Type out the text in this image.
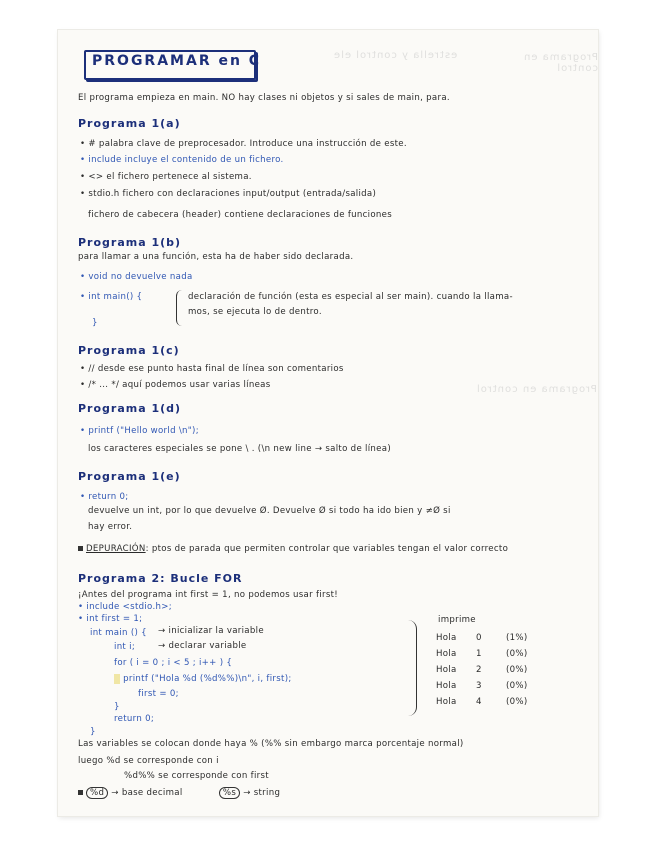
estrella y control ele	Programa en control
Programa en control
PROGRAMAR en C
El programa empieza en main. NO hay clases ni objetos y si sales de main, para.
Programa 1(a)
• # palabra clave de preprocesador. Introduce una instrucción de este.
• include incluye el contenido de un fichero.
• <> el fichero pertenece al sistema.
• stdio.h fichero con declaraciones input/output (entrada/salida)
fichero de cabecera (header) contiene declaraciones de funciones
Programa 1(b)
para llamar a una función, esta ha de haber sido declarada.
• void no devuelve nada
• int main() {	declaración de función (esta es especial al ser main). cuando la llama-
mos, se ejecuta lo de dentro.
}
Programa 1(c)
• // desde ese punto hasta final de línea son comentarios
• /* ... */ aquí podemos usar varias líneas
Programa 1(d)
• printf ("Hello world \n");
los caracteres especiales se pone \ . (\n new line → salto de línea)
Programa 1(e)
• return 0;
devuelve un int, por lo que devuelve Ø. Devuelve Ø si todo ha ido bien y ≠Ø si
hay error.
DEPURACIÓN: ptos de parada que permiten controlar que variables tengan el valor correcto
Programa 2: Bucle FOR
¡Antes del programa int first = 1, no podemos usar first!
• include <stdio.h>;
• int first = 1;
int main () { → inicializar la variable
int i;	→ declarar variable
for ( i = 0 ; i < 5 ; i++ ) {
printf ("Hola %d (%d%%)\n", i, first);
first = 0;
}
return 0;
}
imprime
Hola 0	(1%)
Hola 1	(0%)
Hola 2	(0%)
Hola 3	(0%)
Hola 4	(0%)
Las variables se colocan donde haya % (%% sin embargo marca porcentaje normal)
luego %d se corresponde con i
%d%% se corresponde con first
%d → base decimal	%s → string
